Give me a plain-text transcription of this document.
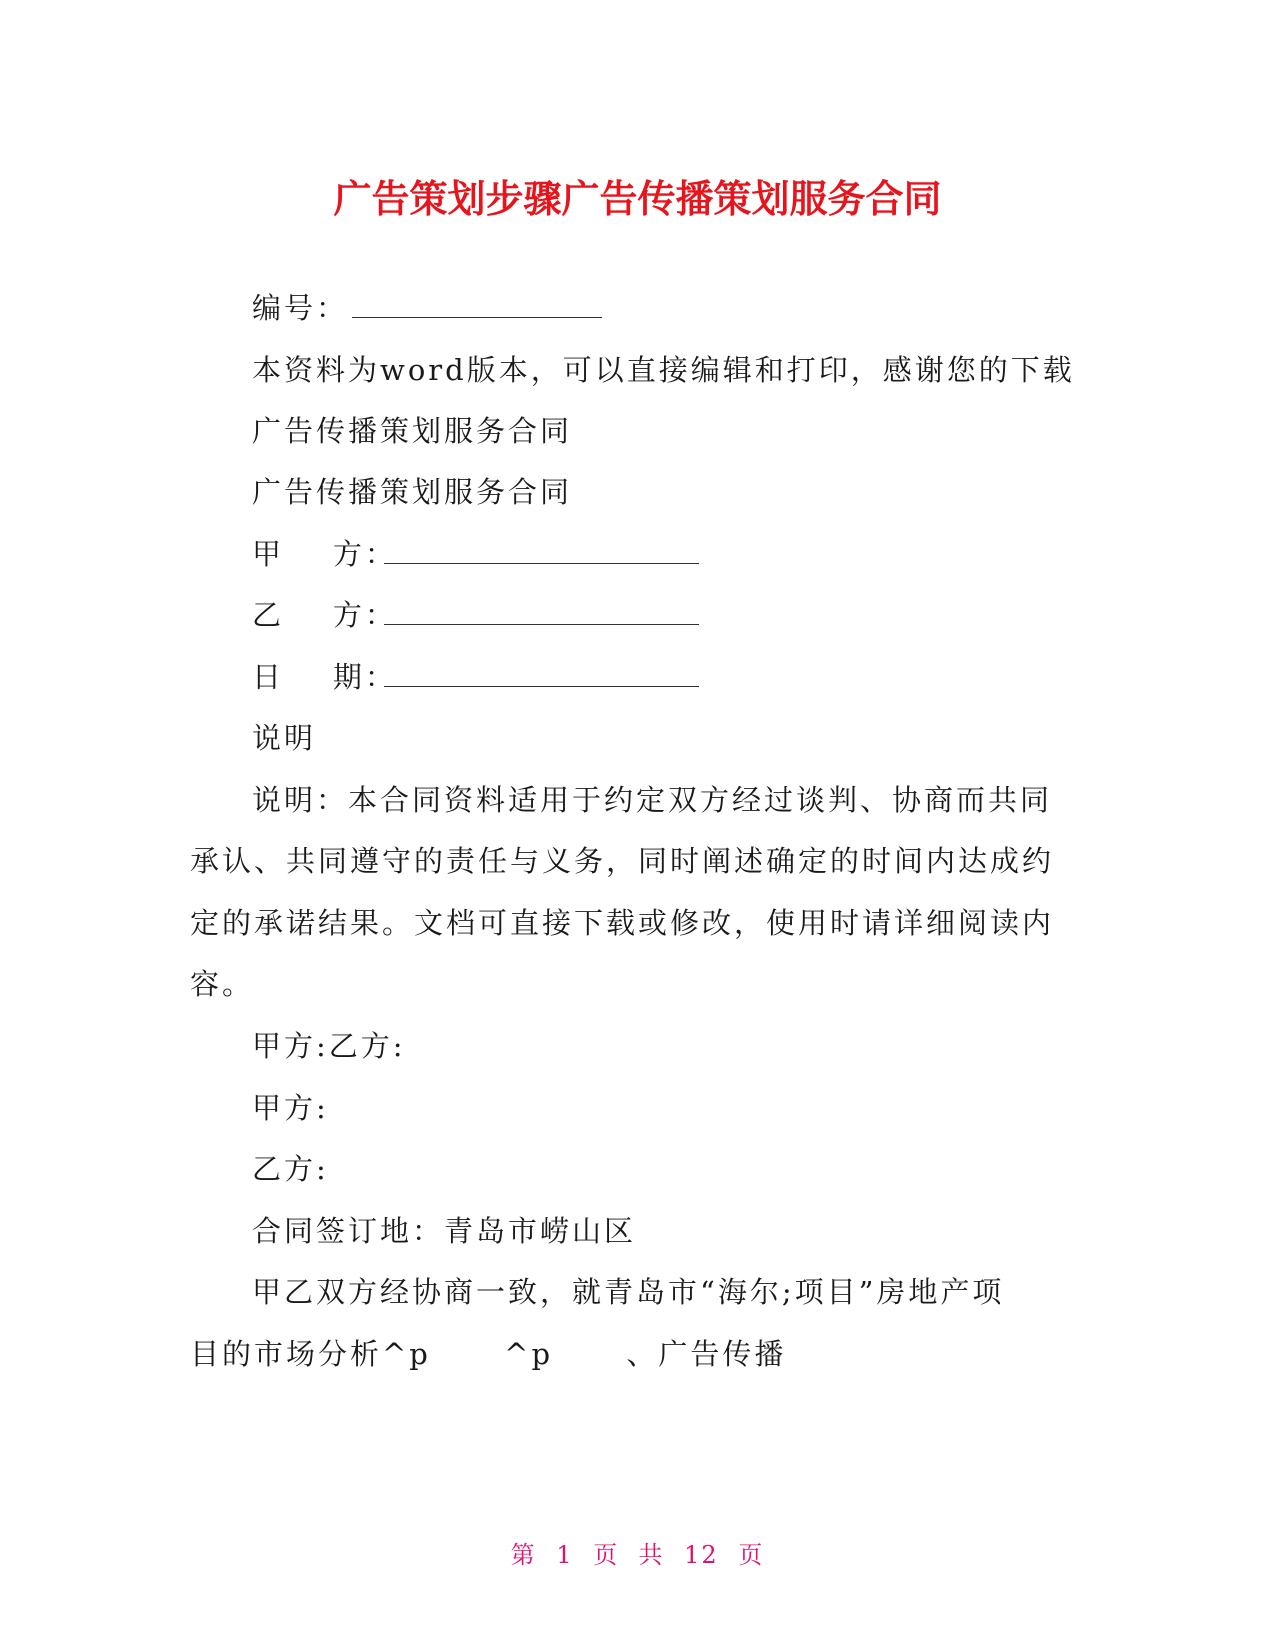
广告策划步骤广告传播策划服务合同
编号：
本资料为word版本，可以直接编辑和打印，感谢您的下载
广告传播策划服务合同
广告传播策划服务合同
甲    方：
乙    方：
日    期：
说明
说明：本合同资料适用于约定双方经过谈判、协商而共同
承认、共同遵守的责任与义务，同时阐述确定的时间内达成约
定的承诺结果。文档可直接下载或修改，使用时请详细阅读内
容。
甲方:乙方:
甲方:
乙方:
合同签订地：青岛市崂山区
甲乙双方经协商一致，就青岛市“海尔;项目”房地产项
目的市场分析^p      ^p      、广告传播
第 1 页  共 12 页
